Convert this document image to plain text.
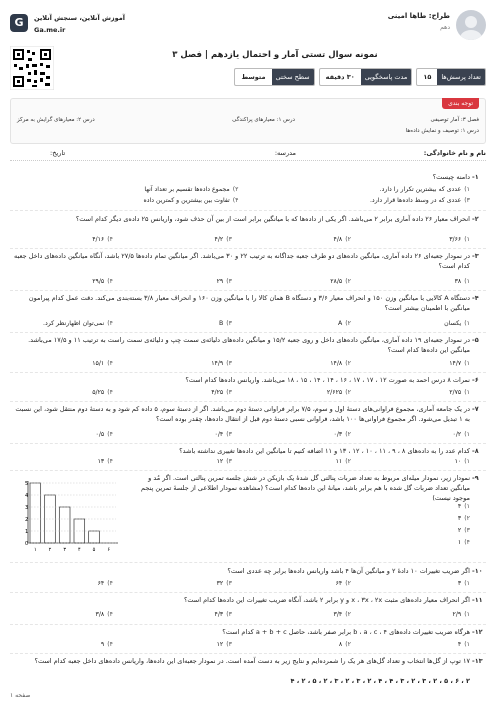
طراح: طاها امینی
دهم
آموزش آنلاین، سنجش آنلاین
Ga.me.ir
G
نمونه سوال تستی آمار و احتمال یازدهم | فصل ۳
تعداد پرسش‌ها
۱۵
مدت پاسخگویی
۳۰ دقیقه
سطح سختی
متوسط
توجه بندی
فصل ۳: آمار توصیفی
درس ۱: معیارهای پراکندگی
درس ۲: معیارهای گرایش به مرکز
درس ۱: توصیف و نمایش داده‌ها
نام و نام خانوادگی:
مدرسه:
تاریخ:
۱-
دامنه چیست؟
۱)عددی که بیشترین تکرار را دارد.
۲)مجموع داده‌ها تقسیم بر تعداد آنها
۳)عددی که در وسط داده‌ها قرار دارد.
۴)تفاوت بین بیشترین و کمترین داده
۲-
انحراف معیار ۲۶ داده آماری برابر ۲ می‌باشد. اگر یکی از داده‌ها که با میانگین برابر است از بین آن حذف شود، واریانس ۲۵ داده‌ی دیگر کدام است؟
۱)۳/۶۶
۲)۴/۸
۳)۴/۲
۴)۴/۱۶
۳-
در نمودار جعبه‌ای ۲۶ داده آماری، میانگین داده‌های دو طرف جعبه جداگانه به ترتیب ۲۲ و ۳۰ می‌باشد. اگر میانگین تمام داده‌ها ۲۷/۵ باشد، آنگاه میانگین داده‌های داخل جعبه کدام است؟
۱)۳۸
۲)۲۸/۵
۳)۲۹
۴)۲۹/۵
۴-
دستگاه A کالایی با میانگین وزن ۱۵۰ و انحراف معیار ۳/۶ و دستگاه B همان کالا را با میانگین وزن ۱۶۰ و انحراف معیار ۳/۸ بسته‌بندی می‌کند. دقت عمل کدام پیرامون میانگین با اطمینان بیشتر است؟
۱)یکسان
۲)A
۳)B
۴)نمی‌توان اظهارنظر کرد.
۵-
در نمودار جعبه‌ای ۱۹ داده آماری، میانگین داده‌های داخل و روی جعبه ۱۵/۲ و میانگین داده‌های دلیا‌ئه‌ی سمت چپ و دلیائه‌ی سمت راست به ترتیب ۱۱ و ۱۷/۵ می‌باشد. میانگین این داده‌ها کدام است؟
۱)۱۴/۷
۲)۱۴/۸
۳)۱۴/۹
۴)۱۵/۱
۶-
نمرات ۸ درس احمد به صورت ۱۲ ، ۱۷ ، ۱۷ ، ۱۶ ، ۱۴ ، ۱۴ ، ۱۵ ، ۱۸ می‌باشد. واریانس داده‌ها کدام است؟
۱)۲/۷۵
۲)۲/۶۲۵
۳)۴/۲۵
۴)۵/۲۵
۷-
در یک جامعه آماری، مجموع فراوانی‌های دستهٔ اول و سوم، ۷/۵ برابر فراوانی دستهٔ دوم می‌باشد. اگر از دستهٔ سوم، ۵ داده کم شود و به دستهٔ دوم منتقل شود، این نسبت به ۱ تبدیل می‌شود. اگر مجموع فراوانی‌ها ۱۰۰ باشد، فراوانی نسبی دستهٔ دوم قبل از انتقال داده‌ها، چقدر بوده است؟
۱)۰/۲
۲)۰/۳
۳)۰/۴
۴)۰/۵
۸-
کدام عدد را به داده‌های ۸ ، ۹ ، ۱۱ ، ۱۰ ، ۱۲ ، ۱۳ و ۱۱ اضافه کنیم تا میانگین این داده‌ها تغییری نداشته باشد؟
۱)۱۰
۲)۱۱
۳)۱۲
۴)۱۳
۹-
نمودار زیر، نمودار میله‌ای مربوط به تعداد ضربات پنالتی گل شدهٔ یک بازیکن در شش جلسه تمرین پنالتی است. اگر مُد و میانگین تعداد ضربات گل شده با هم برابر باشد، میانهٔ این داده‌ها کدام است؟ (مشاهده نمودار اطلاعی از جلسهٔ تمرین پنجم موجود نیست)
۱)۴
۲)۳
۳)۲
۴)۱
0
1
2
3
4
5
۱ ۲ ۳ ۴ ۵ ۶
۱۰-
اگر ضریب تغییرات ۱۰ دادهٔ ۲ و میانگین آن‌ها ۴ باشد واریانس داده‌ها برابر چه عددی است؟
۱)۳
۲)۶۴
۳)۳۲
۴)۶۴
۱۱-
اگر انحراف معیار داده‌های مثبت x ، ۳x ، ۲x و y برابر ۲ باشد، آنگاه ضریب تغییرات این داده‌ها کدام است؟
۱)۲/۹
۲)۳/۴
۳)۴/۳
۴)۳/۸
۱۲-
هرگاه ضریب تغییرات داده‌های b ، a ، c ، ۴ برابر صفر باشد، حاصل a + b + c کدام است؟
۱)۴
۲)۸
۳)۱۲
۴)۹
۱۳-
۱۷ توپ از گل‌ها انتخاب و تعداد گل‌های هر یک را شمرده‌ایم و نتایج زیر به دست آمده است. در نمودار جعبه‌ای این داده‌ها، واریانس داده‌های داخل جعبه کدام است؟
۲ ، ۶ ، ۵ ، ۲ ، ۳ ، ۲ ، ۳ ، ۴ ، ۴ ، ۲ ، ۳ ، ۲ ، ۳ ، ۲ ، ۵ ، ۲ ، ۴
صفحه ۱
